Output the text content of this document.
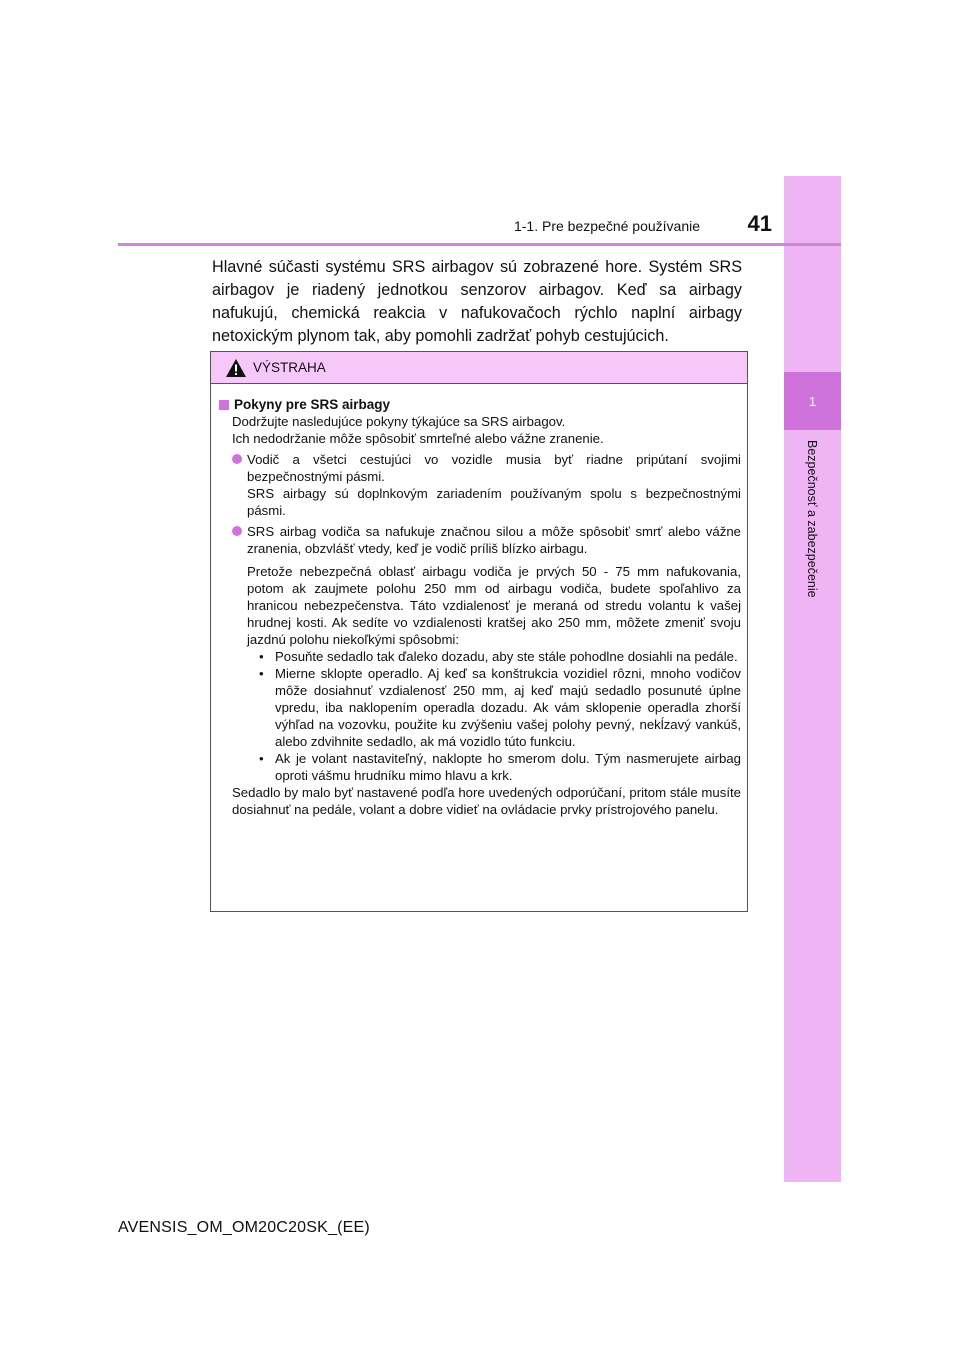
1
Bezpečnosť a zabezpečenie
1-1. Pre bezpečné používanie	41
Hlavné súčasti systému SRS airbagov sú zobrazené hore. Systém SRS airbagov je riadený jednotkou senzorov airbagov. Keď sa airbagy nafukujú, chemická reakcia v nafukovačoch rýchlo naplní airbagy netoxickým plynom tak, aby pomohli zadržať pohyb cestujúcich.
VÝSTRAHA
Pokyny pre SRS airbagy
Dodržujte nasledujúce pokyny týkajúce sa SRS airbagov.
Ich nedodržanie môže spôsobiť smrteľné alebo vážne zranenie.
Vodič a všetci cestujúci vo vozidle musia byť riadne pripútaní svojimi bezpečnostnými pásmi.
SRS airbagy sú doplnkovým zariadením používaným spolu s bezpečnostnými pásmi.
SRS airbag vodiča sa nafukuje značnou silou a môže spôsobiť smrť alebo vážne zranenia, obzvlášť vtedy, keď je vodič príliš blízko airbagu.
Pretože nebezpečná oblasť airbagu vodiča je prvých 50 - 75 mm nafukovania, potom ak zaujmete polohu 250 mm od airbagu vodiča, budete spoľahlivo za hranicou nebezpečenstva. Táto vzdialenosť je meraná od stredu volantu k vašej hrudnej kosti. Ak sedíte vo vzdialenosti kratšej ako 250 mm, môžete zmeniť svoju jazdnú polohu niekoľkými spôsobmi:
• Posuňte sedadlo tak ďaleko dozadu, aby ste stále pohodlne dosiahli na pedále.
• Mierne sklopte operadlo. Aj keď sa konštrukcia vozidiel rôzni, mnoho vodičov môže dosiahnuť vzdialenosť 250 mm, aj keď majú sedadlo posunuté úplne vpredu, iba naklopením operadla dozadu. Ak vám sklopenie operadla zhorší výhľad na vozovku, použite ku zvýšeniu vašej polohy pevný, nekĺzavý vankúš, alebo zdvihnite sedadlo, ak má vozidlo túto funkciu.
• Ak je volant nastaviteľný, naklopte ho smerom dolu. Tým nasmerujete airbag oproti vášmu hrudníku mimo hlavu a krk.
Sedadlo by malo byť nastavené podľa hore uvedených odporúčaní, pritom stále musíte dosiahnuť na pedále, volant a dobre vidieť na ovládacie prvky prístrojového panelu.
AVENSIS_OM_OM20C20SK_(EE)
